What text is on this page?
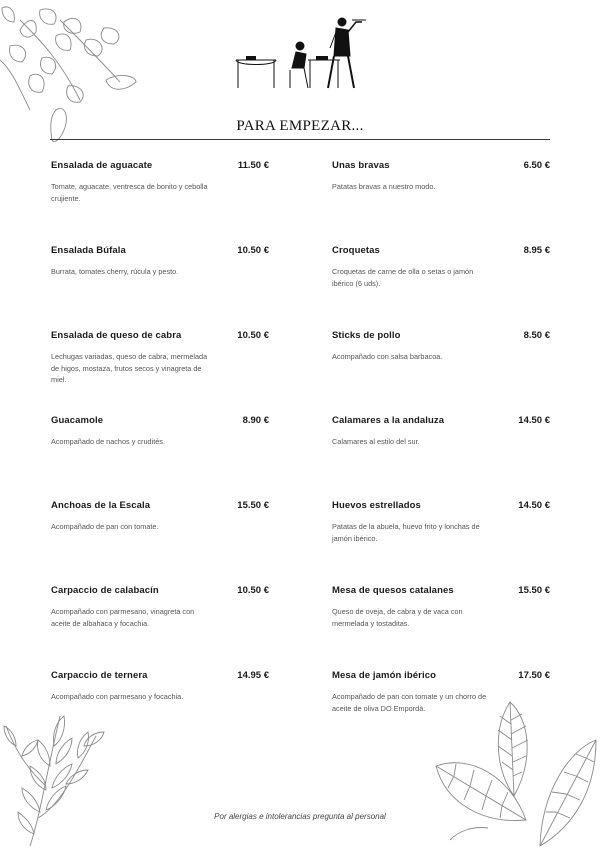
PARA EMPEZAR...
Ensalada de aguacate	11.50 €
Tomate, aguacate, ventresca de bonito y cebolla crujiente.
Ensalada Búfala	10.50 €
Burrata, tomates cherry, rúcula y pesto.
Ensalada de queso de cabra	10.50 €
Lechugas variadas, queso de cabra, mermelada de higos, mostaza, frutos secos y vinagreta de miel.
Guacamole	8.90 €
Acompañado de nachos y crudités.
Anchoas de la Escala	15.50 €
Acompañado de pan con tomate.
Carpaccio de calabacín	10.50 €
Acompañado con parmesano, vinagreta con aceite de albahaca y focachia.
Carpaccio de ternera	14.95 €
Acompañado con parmesano y focachia.
Unas bravas	6.50 €
Patatas bravas a nuestro modo.
Croquetas	8.95 €
Croquetas de carne de olla o setas o jamón ibérico (6 uds).
Sticks de pollo	8.50 €
Acompañado con salsa barbacoa.
Calamares a la andaluza	14.50 €
Calamares al estilo del sur.
Huevos estrellados	14.50 €
Patatas de la abuela, huevo frito y lonchas de jamón ibérico.
Mesa de quesos catalanes	15.50 €
Queso de oveja, de cabra y de vaca con mermelada y tostaditas.
Mesa de jamón ibérico	17.50 €
Acompañado de pan con tomate y un chorro de aceite de oliva DO Empordà.
Por alergias e intolerancias pregunta al personal
